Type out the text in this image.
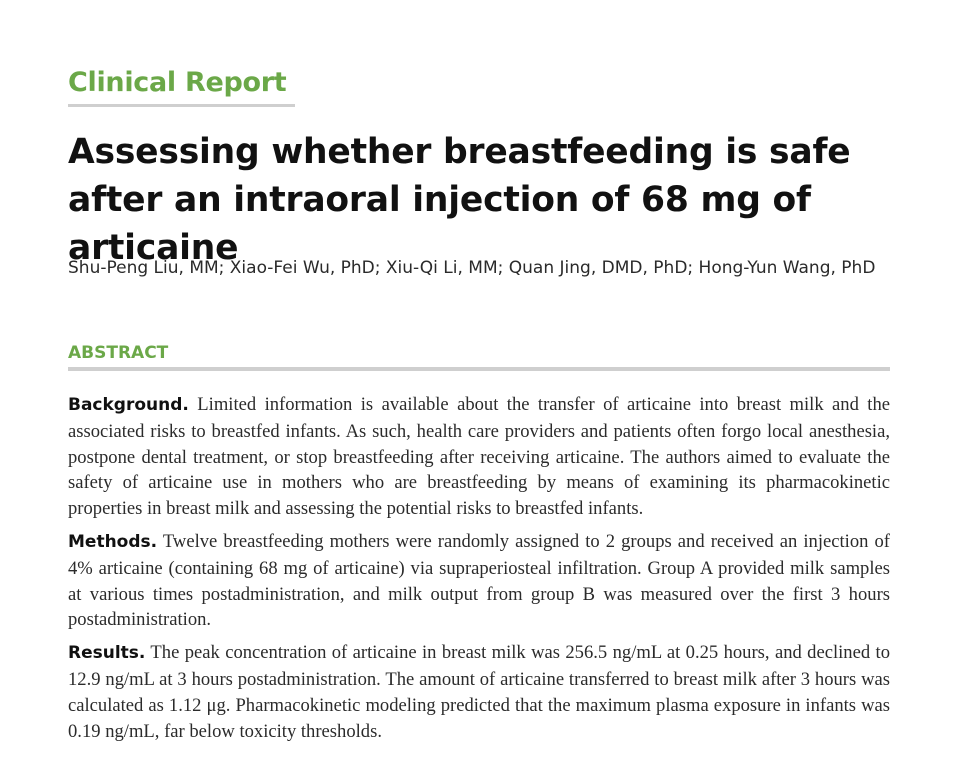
Clinical Report
Assessing whether breastfeeding is safe after an intraoral injection of 68 mg of articaine

Shu-Peng Liu, MM; Xiao-Fei Wu, PhD; Xiu-Qi Li, MM; Quan Jing, DMD, PhD; Hong-Yun Wang, PhD

ABSTRACT

Background. Limited information is available about the transfer of articaine into breast milk and the associated risks to breastfed infants. As such, health care providers and patients often forgo local anesthesia, postpone dental treatment, or stop breastfeeding after receiving articaine. The authors aimed to evaluate the safety of articaine use in mothers who are breastfeeding by means of examining its pharmacokinetic properties in breast milk and assessing the potential risks to breastfed infants.

Methods. Twelve breastfeeding mothers were randomly assigned to 2 groups and received an injection of 4% articaine (containing 68 mg of articaine) via supraperiosteal infiltration. Group A provided milk samples at various times postadministration, and milk output from group B was measured over the first 3 hours postadministration.

Results. The peak concentration of articaine in breast milk was 256.5 ng/mL at 0.25 hours, and declined to 12.9 ng/mL at 3 hours postadministration. The amount of articaine transferred to breast milk after 3 hours was calculated as 1.12 μg. Pharmacokinetic modeling predicted that the maximum plasma exposure in infants was 0.19 ng/mL, far below toxicity thresholds.
